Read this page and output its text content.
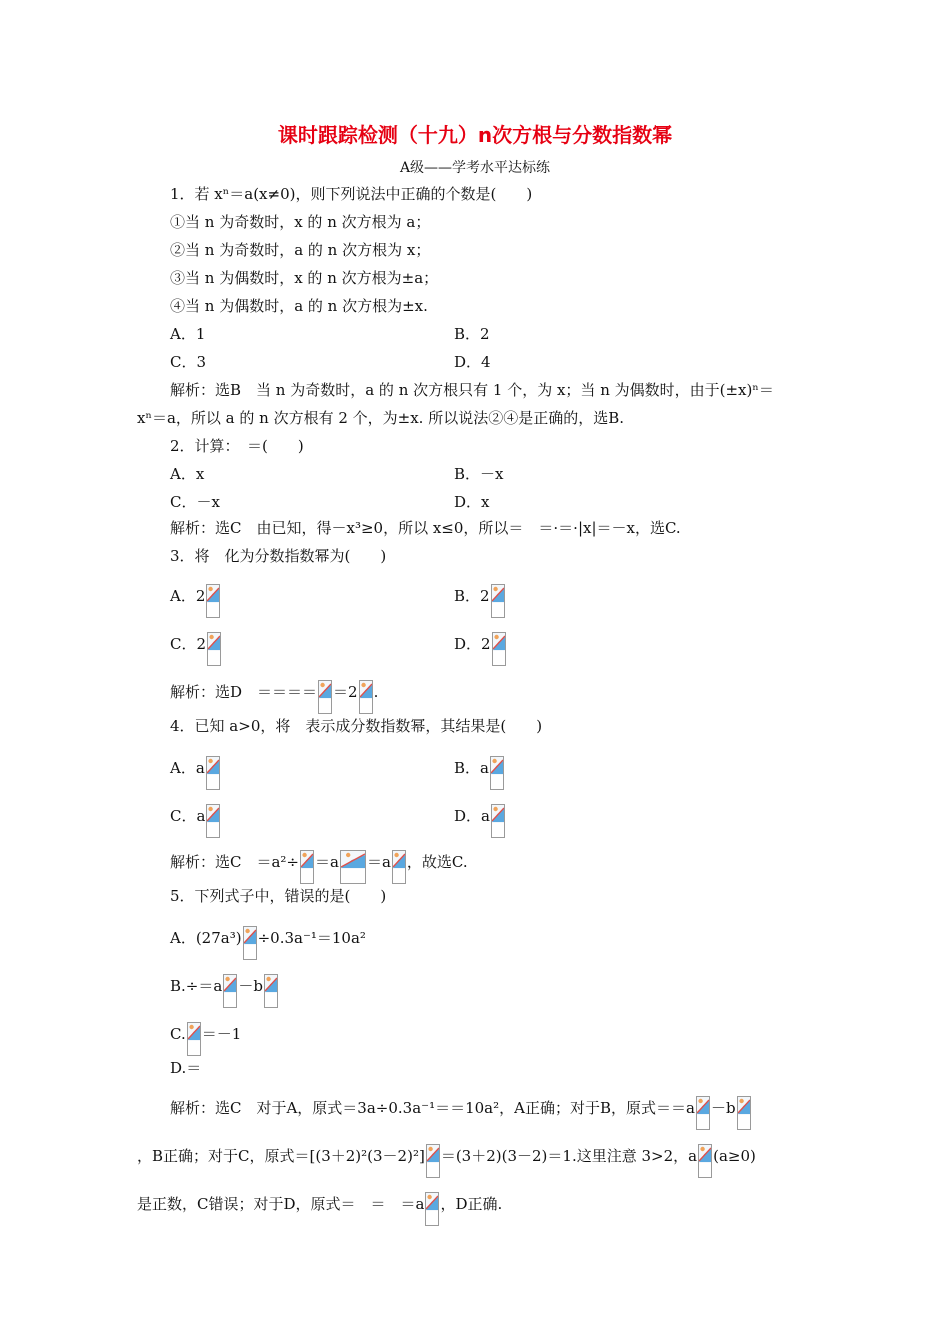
课时跟踪检测（十九）n次方根与分数指数幂
A级——学考水平达标练
1．若 xⁿ＝a(x≠0)，则下列说法中正确的个数是(　　)
①当 n 为奇数时，x 的 n 次方根为 a；
②当 n 为奇数时，a 的 n 次方根为 x；
③当 n 为偶数时，x 的 n 次方根为±a；
④当 n 为偶数时，a 的 n 次方根为±x.
A．1	B．2
C．3	D．4
解析：选B　当 n 为奇数时，a 的 n 次方根只有 1 个，为 x；当 n 为偶数时，由于(±x)ⁿ＝
xⁿ＝a，所以 a 的 n 次方根有 2 个，为±x. 所以说法②④是正确的，选B.
2．计算：　＝(　　)
A．x	B．－x
C．－x	D．x
解析：选C　由已知，得－x³≥0，所以 x≤0，所以＝　＝·＝·|x|＝－x，选C.
3．将　化为分数指数幂为(　　)
A．2	B．2
C．2	D．2
解析：选D　＝＝＝＝ ＝2 .
4．已知 a>0，将　表示成分数指数幂，其结果是(　　)
A．a	B．a
C．a	D．a
解析：选C　＝a²÷ ＝a ＝a ，故选C.
5．下列式子中，错误的是(　　)
A．(27a³) ÷0.3a⁻¹＝10a²
B.÷＝a －b
C. ＝－1
D.＝
解析：选C　对于A，原式＝3a÷0.3a⁻¹＝＝10a²，A正确；对于B，原式＝＝a －b
，B正确；对于C，原式＝[(3＋2)²(3－2)²] ＝(3＋2)(3－2)＝1.这里注意 3>2，a (a≥0)
是正数，C错误；对于D，原式＝　＝　＝a ，D正确.
